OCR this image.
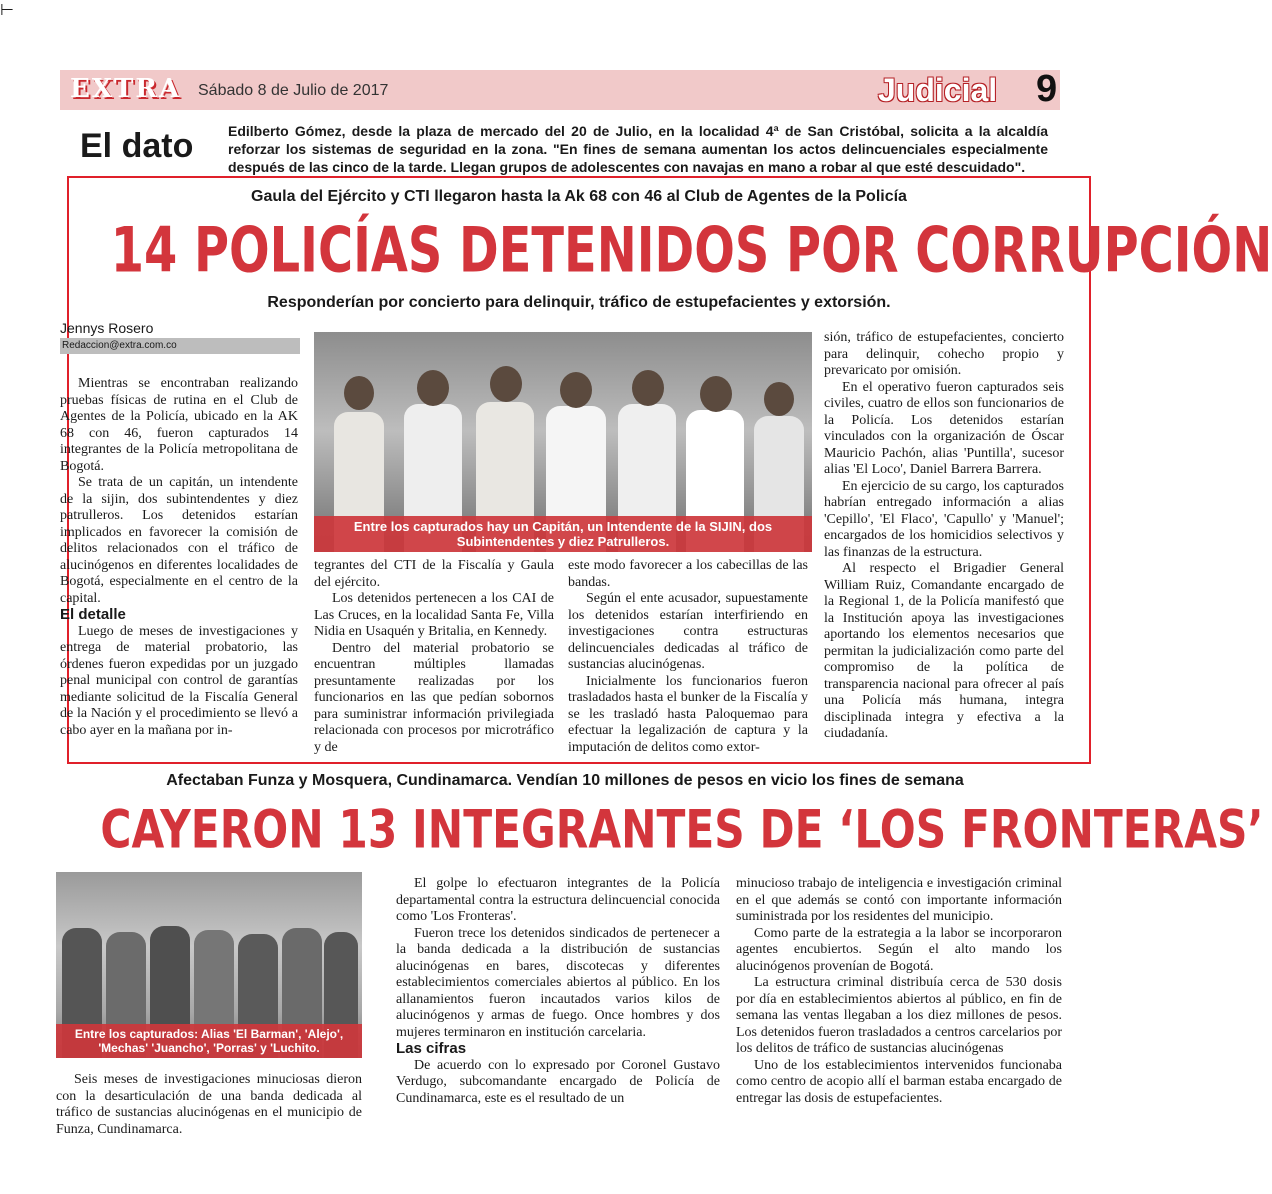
⊢
EXTRA Sábado 8 de Julio de 2017	Judicial 9
El dato Edilberto Gómez, desde la plaza de mercado del 20 de Julio, en la localidad 4ª de San Cristóbal, solicita a la alcaldía reforzar los sistemas de seguridad en la zona. "En fines de semana aumentan los actos delincuenciales especialmente después de las cinco de la tarde. Llegan grupos de adolescentes con navajas en mano a robar al que esté descuidado".
Gaula del Ejército y CTI llegaron hasta la Ak 68 con 46 al Club de Agentes de la Policía
14 POLICÍAS DETENIDOS POR CORRUPCIÓN
Responderían por concierto para delinquir, tráfico de estupefacientes y extorsión.
Jennys Rosero
Redaccion@extra.com.co

Mientras se encontraban realizando pruebas físicas de rutina en el Club de Agentes de la Policía, ubicado en la AK 68 con 46, fueron capturados 14 integrantes de la Policía metropolitana de Bogotá.

Se trata de un capitán, un intendente de la sijin, dos subintendentes y diez patrulleros. Los detenidos estarían implicados en favorecer la comisión de delitos relacionados con el tráfico de alucinógenos en diferentes localidades de Bogotá, especialmente en el centro de la capital.

El detalle

Luego de meses de investigaciones y entrega de material probatorio, las órdenes fueron expedidas por un juzgado penal municipal con control de garantías mediante solicitud de la Fiscalía General de la Nación y el procedimiento se llevó a cabo ayer en la mañana por in-

Entre los capturados hay un Capitán, un Intendente de la SIJIN, dos Subintendentes y diez Patrulleros.

tegrantes del CTI de la Fiscalía y Gaula del ejército.

Los detenidos pertenecen a los CAI de Las Cruces, en la localidad Santa Fe, Villa Nidia en Usaquén y Britalia, en Kennedy.

Dentro del material probatorio se encuentran múltiples llamadas presuntamente realizadas por los funcionarios en las que pedían sobornos para suministrar información privilegiada relacionada con procesos por microtráfico y de

este modo favorecer a los cabecillas de las bandas.

Según el ente acusador, supuestamente los detenidos estarían interfiriendo en investigaciones contra estructuras delincuenciales dedicadas al tráfico de sustancias alucinógenas.

Inicialmente los funcionarios fueron trasladados hasta el bunker de la Fiscalía y se les trasladó hasta Paloquemao para efectuar la legalización de captura y la imputación de delitos como extor-

sión, tráfico de estupefacientes, concierto para delinquir, cohecho propio y prevaricato por omisión.

En el operativo fueron capturados seis civiles, cuatro de ellos son funcionarios de la Policía. Los detenidos estarían vinculados con la organización de Óscar Mauricio Pachón, alias 'Puntilla', sucesor alias 'El Loco', Daniel Barrera Barrera.

En ejercicio de su cargo, los capturados habrían entregado información a alias 'Cepillo', 'El Flaco', 'Capullo' y 'Manuel'; encargados de los homicidios selectivos y las finanzas de la estructura.

Al respecto el Brigadier General William Ruiz, Comandante encargado de la Regional 1, de la Policía manifestó que la Institución apoya las investigaciones aportando los elementos necesarios que permitan la judicialización como parte del compromiso de la política de transparencia nacional para ofrecer al país una Policía más humana, integra disciplinada integra y efectiva a la ciudadanía.

Afectaban Funza y Mosquera, Cundinamarca. Vendían 10 millones de pesos en vicio los fines de semana
CAYERON 13 INTEGRANTES DE ‘LOS FRONTERAS’
Entre los capturados: Alias 'El Barman', 'Alejo', 'Mechas' 'Juancho', 'Porras' y 'Luchito.

Seis meses de investigaciones minuciosas dieron con la desarticulación de una banda dedicada al tráfico de sustancias alucinógenas en el municipio de Funza, Cundinamarca.

El golpe lo efectuaron integrantes de la Policía departamental contra la estructura delincuencial conocida como 'Los Fronteras'.

Fueron trece los detenidos sindicados de pertenecer a la banda dedicada a la distribución de sustancias alucinógenas en bares, discotecas y diferentes establecimientos comerciales abiertos al público. En los allanamientos fueron incautados varios kilos de alucinógenos y armas de fuego. Once hombres y dos mujeres terminaron en institución carcelaria.

Las cifras

De acuerdo con lo expresado por Coronel Gustavo Verdugo, subcomandante encargado de Policía de Cundinamarca, este es el resultado de un

minucioso trabajo de inteligencia e investigación criminal en el que además se contó con importante información suministrada por los residentes del municipio.

Como parte de la estrategia a la labor se incorporaron agentes encubiertos. Según el alto mando los alucinógenos provenían de Bogotá.

La estructura criminal distribuía cerca de 530 dosis por día en establecimientos abiertos al público, en fin de semana las ventas llegaban a los diez millones de pesos. Los detenidos fueron trasladados a centros carcelarios por los delitos de tráfico de sustancias alucinógenas

Uno de los establecimientos intervenidos funcionaba como centro de acopio allí el barman estaba encargado de entregar las dosis de estupefacientes.
